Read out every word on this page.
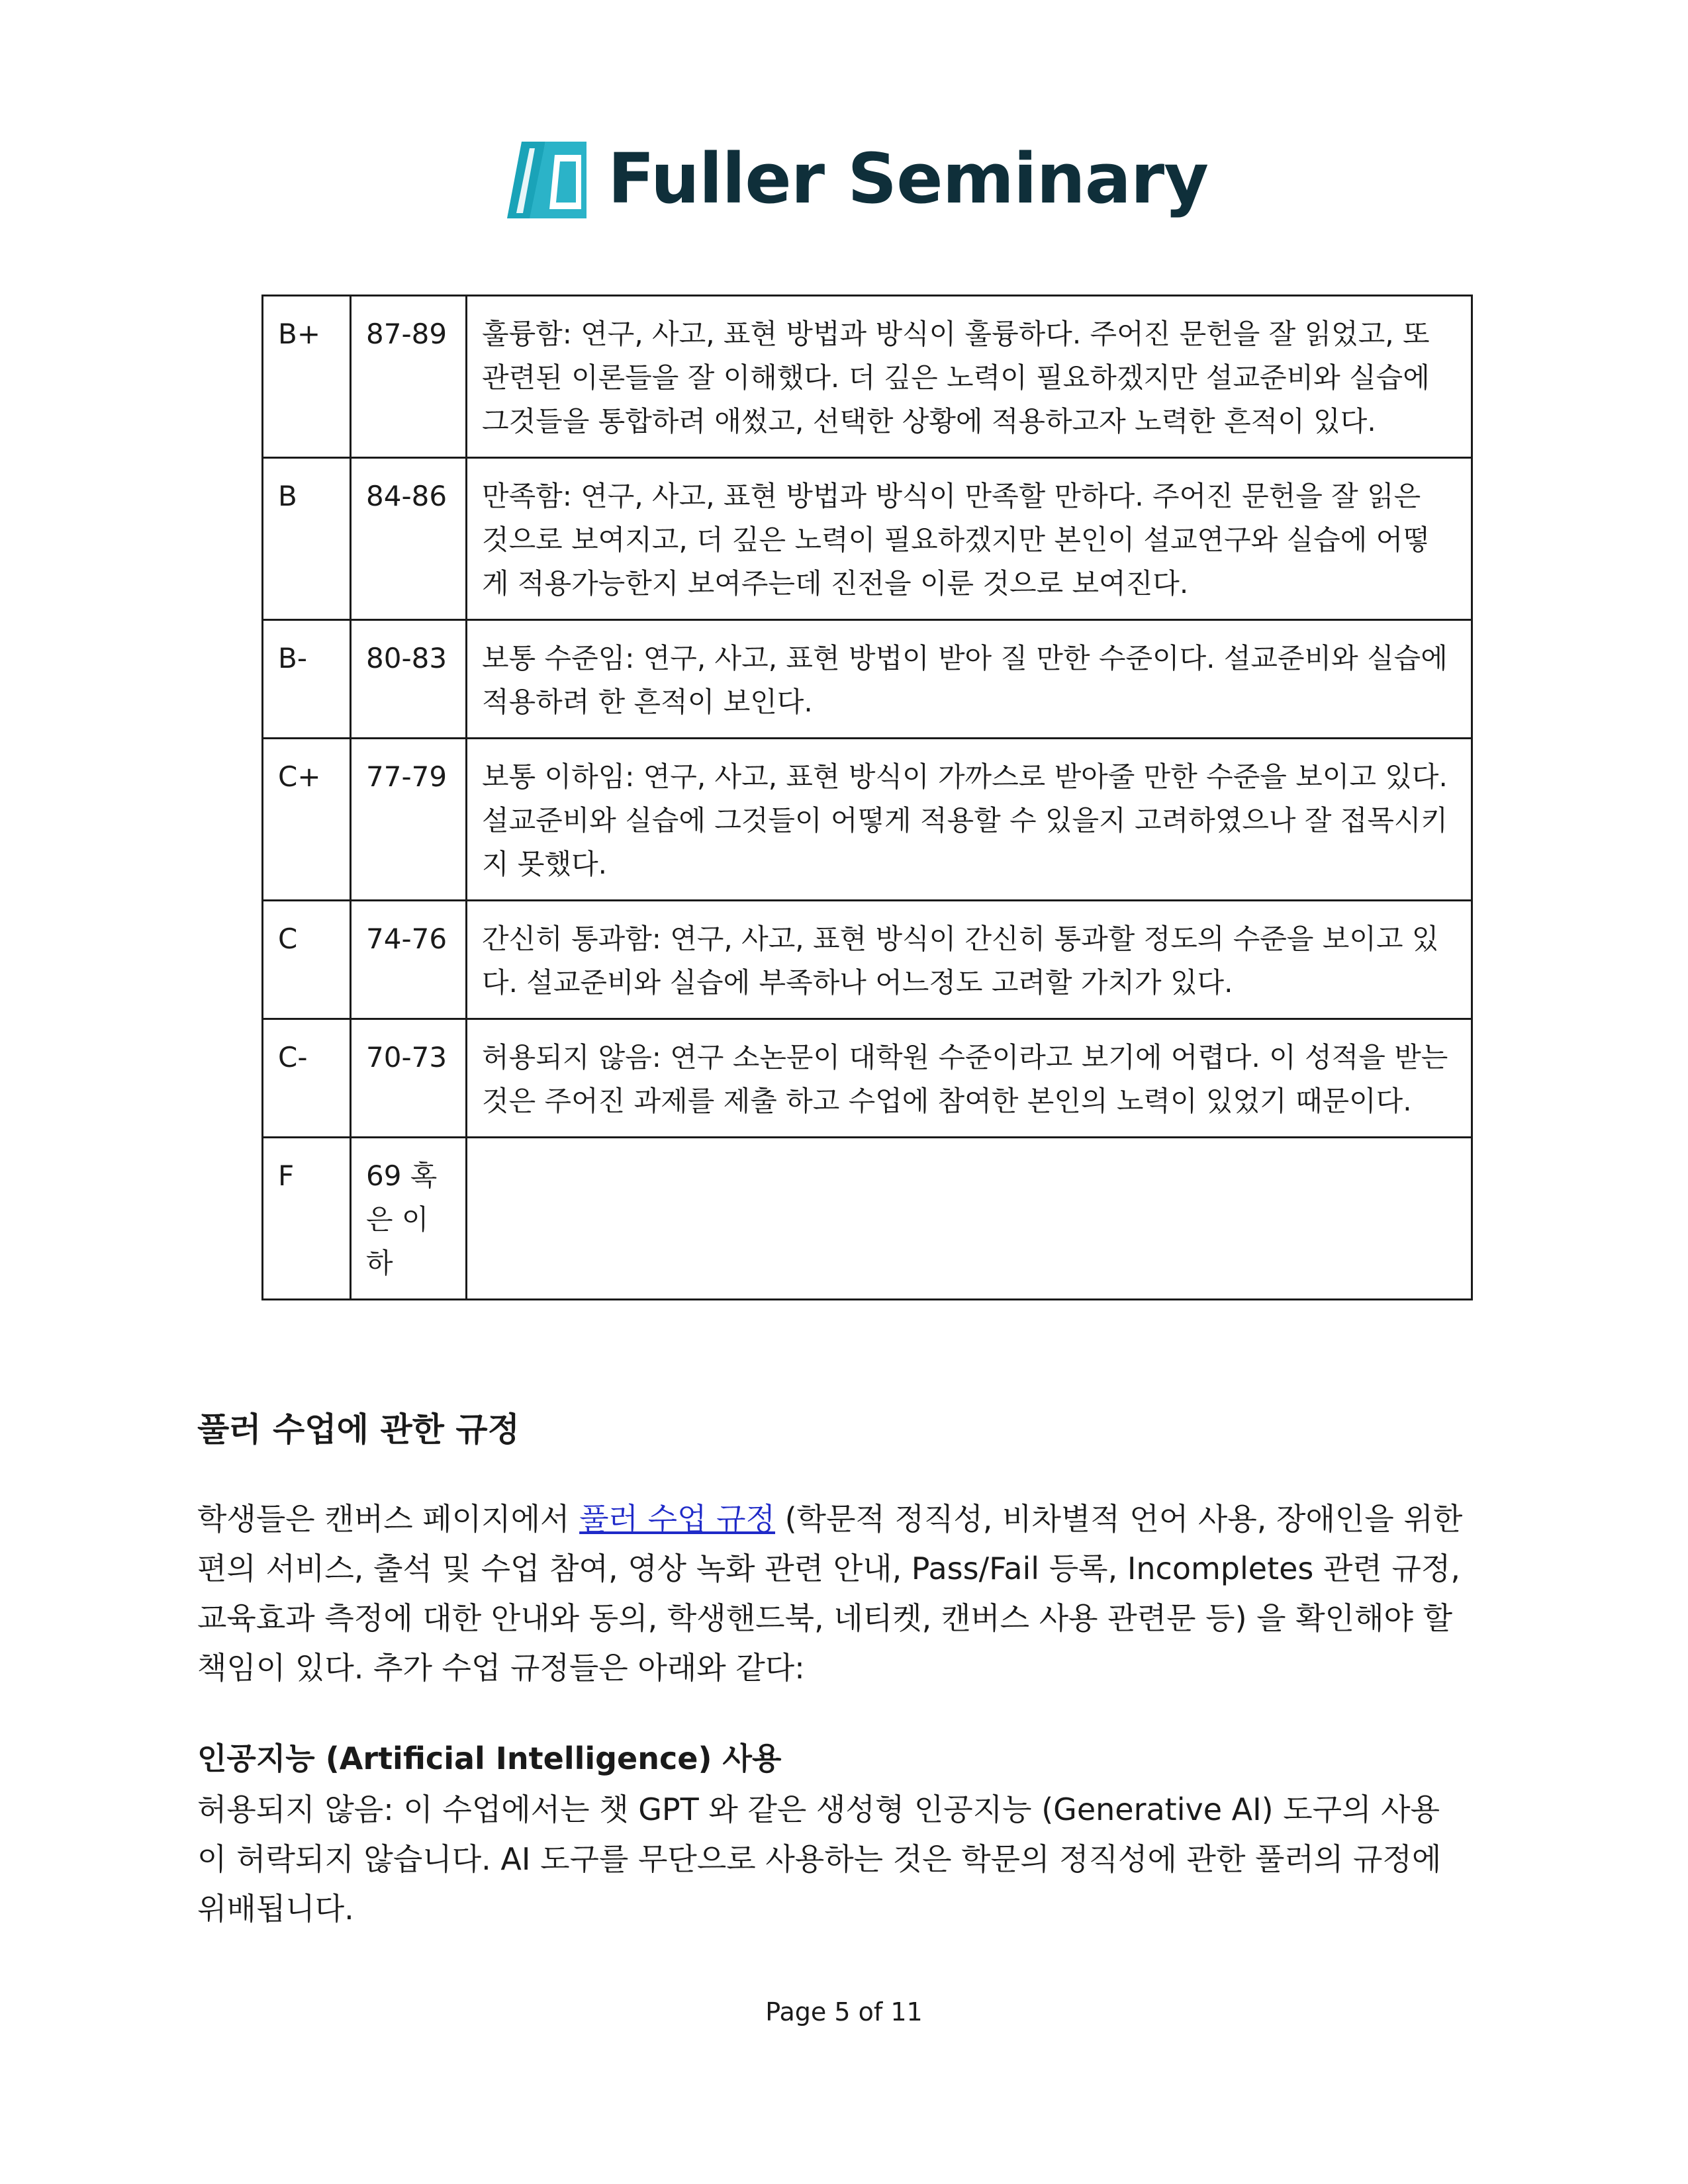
Fuller Seminary
B+	87-89	훌륭함: 연구, 사고, 표현 방법과 방식이 훌륭하다. 주어진 문헌을 잘 읽었고, 또 관련된 이론들을 잘 이해했다. 더 깊은 노력이 필요하겠지만 설교준비와 실습에 그것들을 통합하려 애썼고, 선택한 상황에 적용하고자 노력한 흔적이 있다.
B	84-86	만족함: 연구, 사고, 표현 방법과 방식이 만족할 만하다. 주어진 문헌을 잘 읽은 것으로 보여지고, 더 깊은 노력이 필요하겠지만 본인이 설교연구와 실습에 어떻게 적용가능한지 보여주는데 진전을 이룬 것으로 보여진다.
B-	80-83	보통 수준임: 연구, 사고, 표현 방법이 받아 질 만한 수준이다. 설교준비와 실습에 적용하려 한 흔적이 보인다.
C+	77-79	보통 이하임: 연구, 사고, 표현 방식이 가까스로 받아줄 만한 수준을 보이고 있다. 설교준비와 실습에 그것들이 어떻게 적용할 수 있을지 고려하였으나 잘 접목시키지 못했다.
C	74-76	간신히 통과함: 연구, 사고, 표현 방식이 간신히 통과할 정도의 수준을 보이고 있다. 설교준비와 실습에 부족하나 어느정도 고려할 가치가 있다.
C-	70-73	허용되지 않음: 연구 소논문이 대학원 수준이라고 보기에 어렵다. 이 성적을 받는 것은 주어진 과제를 제출 하고 수업에 참여한 본인의 노력이 있었기 때문이다.
F	69 혹은 이하	
풀러 수업에 관한 규정

학생들은 캔버스 페이지에서 풀러 수업 규정 (학문적 정직성, 비차별적 언어 사용, 장애인을 위한 편의 서비스, 출석 및 수업 참여, 영상 녹화 관련 안내, Pass/Fail 등록, Incompletes 관련 규정, 교육효과 측정에 대한 안내와 동의, 학생핸드북, 네티켓, 캔버스 사용 관련문 등) 을 확인해야 할 책임이 있다. 추가 수업 규정들은 아래와 같다:

인공지능 (Artificial Intelligence) 사용

허용되지 않음: 이 수업에서는 챗 GPT 와 같은 생성형 인공지능 (Generative AI) 도구의 사용이 허락되지 않습니다. AI 도구를 무단으로 사용하는 것은 학문의 정직성에 관한 풀러의 규정에 위배됩니다.

Page 5 of 11
